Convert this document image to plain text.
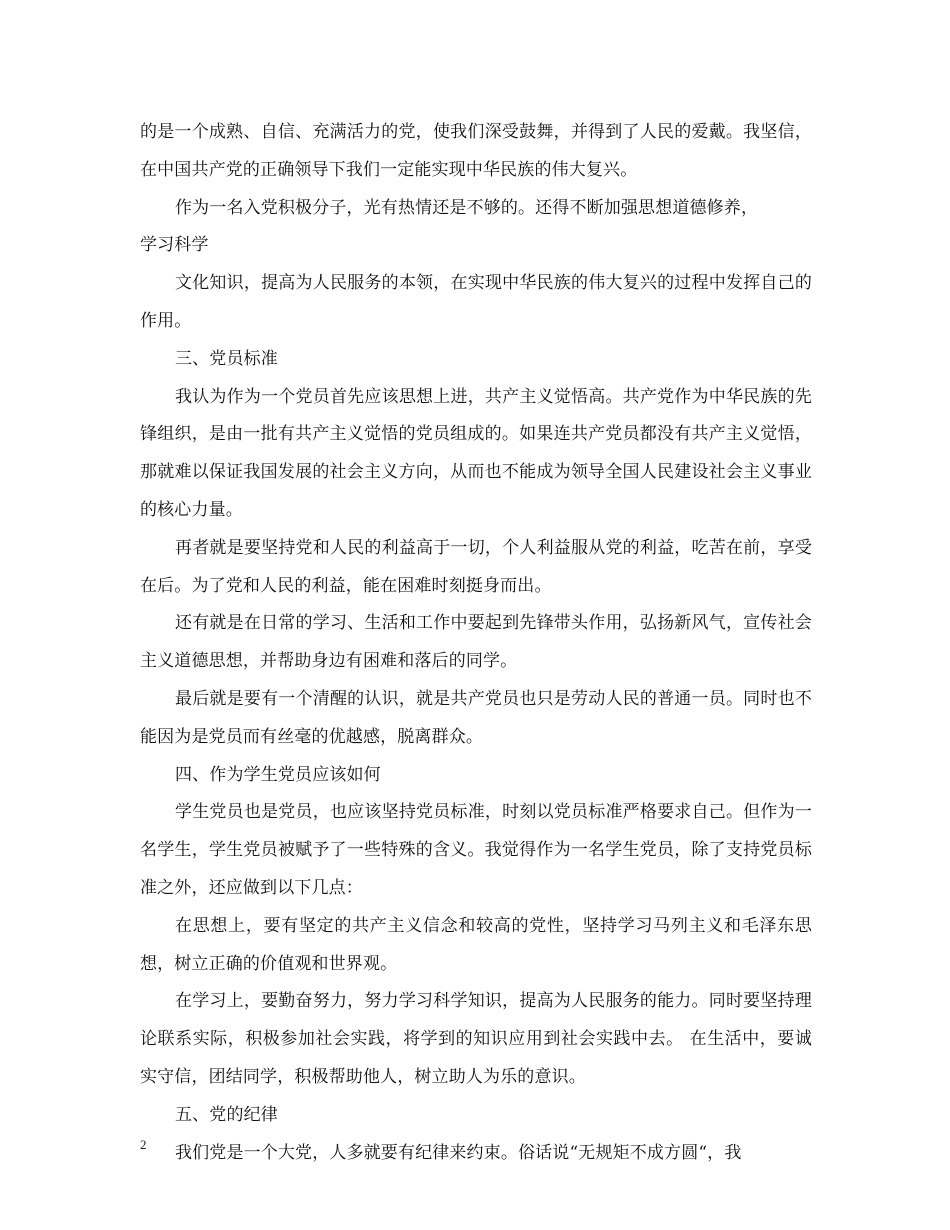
的是一个成熟、自信、充满活力的党，使我们深受鼓舞，并得到了人民的爱戴。我坚信，在中国共产党的正确领导下我们一定能实现中华民族的伟大复兴。

作为一名入党积极分子，光有热情还是不够的。还得不断加强思想道德修养，

学习科学

文化知识，提高为人民服务的本领，在实现中华民族的伟大复兴的过程中发挥自己的作用。

三、党员标准

我认为作为一个党员首先应该思想上进，共产主义觉悟高。共产党作为中华民族的先锋组织，是由一批有共产主义觉悟的党员组成的。如果连共产党员都没有共产主义觉悟，那就难以保证我国发展的社会主义方向，从而也不能成为领导全国人民建设社会主义事业的核心力量。

再者就是要坚持党和人民的利益高于一切，个人利益服从党的利益，吃苦在前，享受在后。为了党和人民的利益，能在困难时刻挺身而出。

还有就是在日常的学习、生活和工作中要起到先锋带头作用，弘扬新风气，宣传社会主义道德思想，并帮助身边有困难和落后的同学。

最后就是要有一个清醒的认识，就是共产党员也只是劳动人民的普通一员。同时也不能因为是党员而有丝毫的优越感，脱离群众。

四、作为学生党员应该如何

学生党员也是党员，也应该坚持党员标准，时刻以党员标准严格要求自己。但作为一名学生，学生党员被赋予了一些特殊的含义。我觉得作为一名学生党员，除了支持党员标准之外，还应做到以下几点：

在思想上，要有坚定的共产主义信念和较高的党性，坚持学习马列主义和毛泽东思想，树立正确的价值观和世界观。

在学习上，要勤奋努力，努力学习科学知识，提高为人民服务的能力。同时要坚持理论联系实际，积极参加社会实践，将学到的知识应用到社会实践中去。 在生活中，要诚实守信，团结同学，积极帮助他人，树立助人为乐的意识。

五、党的纪律

我们党是一个大党，人多就要有纪律来约束。俗话说“无规矩不成方圆“，我

2
